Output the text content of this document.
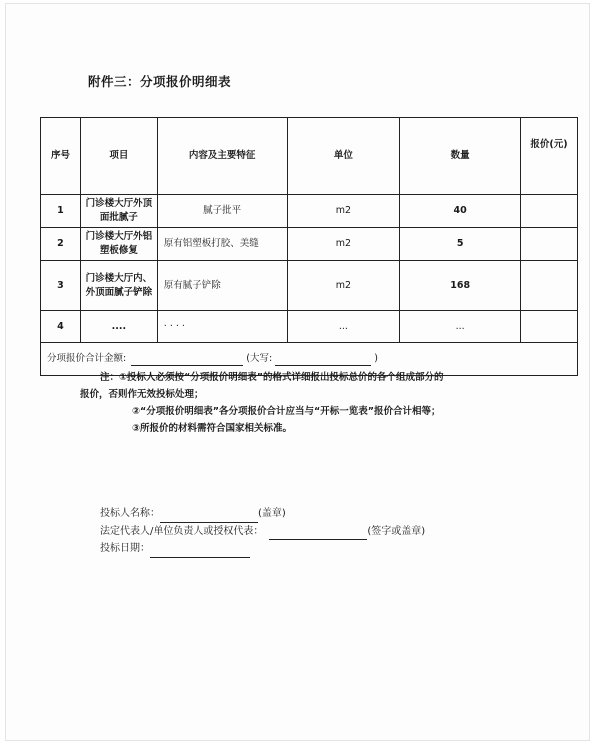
附件三：分项报价明细表
序号	项目	内容及主要特征	单位	数量	报价(元)
1	门诊楼大厅外顶面批腻子	腻子批平	m2	40	
2	门诊楼大厅外铝塑板修复	原有铝塑板打胶、美缝	m2	5	
3	门诊楼大厅内、外顶面腻子铲除	原有腻子铲除	m2	168	
4	....	· · · ·	...	...	
分项报价合计金额: (大写: )					
注：①投标人必须按“分项报价明细表”的格式详细报出投标总价的各个组成部分的
报价，否则作无效投标处理；
②“分项报价明细表”各分项报价合计应当与“开标一览表”报价合计相等；
③所报价的材料需符合国家相关标准。
投标人名称：	(盖章)
法定代表人/单位负责人或授权代表：	(签字或盖章)
投标日期：
